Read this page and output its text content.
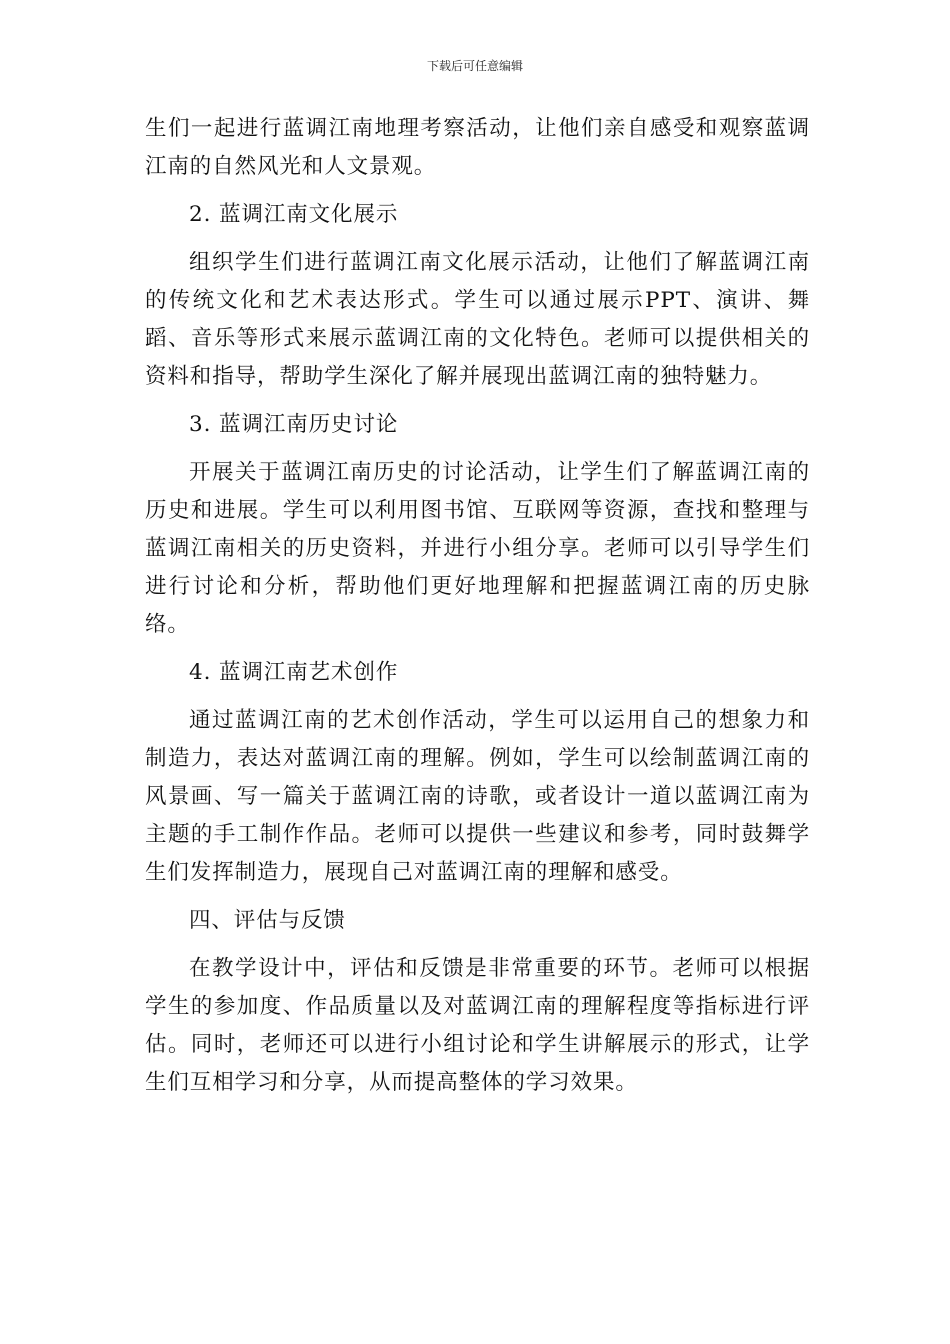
下载后可任意编辑

生们一起进行蓝调江南地理考察活动，让他们亲自感受和观察蓝调江南的自然风光和人文景观。

2. 蓝调江南文化展示

组织学生们进行蓝调江南文化展示活动，让他们了解蓝调江南的传统文化和艺术表达形式。学生可以通过展示PPT、演讲、舞蹈、音乐等形式来展示蓝调江南的文化特色。老师可以提供相关的资料和指导，帮助学生深化了解并展现出蓝调江南的独特魅力。

3. 蓝调江南历史讨论

开展关于蓝调江南历史的讨论活动，让学生们了解蓝调江南的历史和进展。学生可以利用图书馆、互联网等资源，查找和整理与蓝调江南相关的历史资料，并进行小组分享。老师可以引导学生们进行讨论和分析，帮助他们更好地理解和把握蓝调江南的历史脉络。

4. 蓝调江南艺术创作

通过蓝调江南的艺术创作活动，学生可以运用自己的想象力和制造力，表达对蓝调江南的理解。例如，学生可以绘制蓝调江南的风景画、写一篇关于蓝调江南的诗歌，或者设计一道以蓝调江南为主题的手工制作作品。老师可以提供一些建议和参考，同时鼓舞学生们发挥制造力，展现自己对蓝调江南的理解和感受。

四、评估与反馈

在教学设计中，评估和反馈是非常重要的环节。老师可以根据学生的参加度、作品质量以及对蓝调江南的理解程度等指标进行评估。同时，老师还可以进行小组讨论和学生讲解展示的形式，让学生们互相学习和分享，从而提高整体的学习效果。
